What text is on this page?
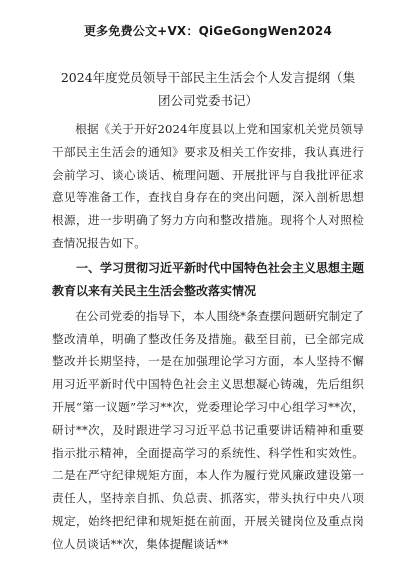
更多免费公文+VX：QiGeGongWen2024
2024年度党员领导干部民主生活会个人发言提纲（集团公司党委书记）

根据《关于开好2024年度县以上党和国家机关党员领导干部民主生活会的通知》要求及相关工作安排，我认真进行会前学习、谈心谈话、梳理问题、开展批评与自我批评征求意见等准备工作，查找自身存在的突出问题，深入剖析思想根源，进一步明确了努力方向和整改措施。现将个人对照检查情况报告如下。

一、学习贯彻习近平新时代中国特色社会主义思想主题教育以来有关民主生活会整改落实情况

在公司党委的指导下，本人围绕*条查摆问题研究制定了整改清单，明确了整改任务及措施。截至目前，已全部完成整改并长期坚持，一是在加强理论学习方面，本人坚持不懈用习近平新时代中国特色社会主义思想凝心铸魂，先后组织开展“第一议题”学习**次，党委理论学习中心组学习**次，研讨**次，及时跟进学习习近平总书记重要讲话精神和重要指示批示精神，全面提高学习的系统性、科学性和实效性。二是在严守纪律规矩方面，本人作为履行党风廉政建设第一责任人，坚持亲自抓、负总责、抓落实，带头执行中央八项规定，始终把纪律和规矩挺在前面，开展关键岗位及重点岗位人员谈话**次，集体提醒谈话**
